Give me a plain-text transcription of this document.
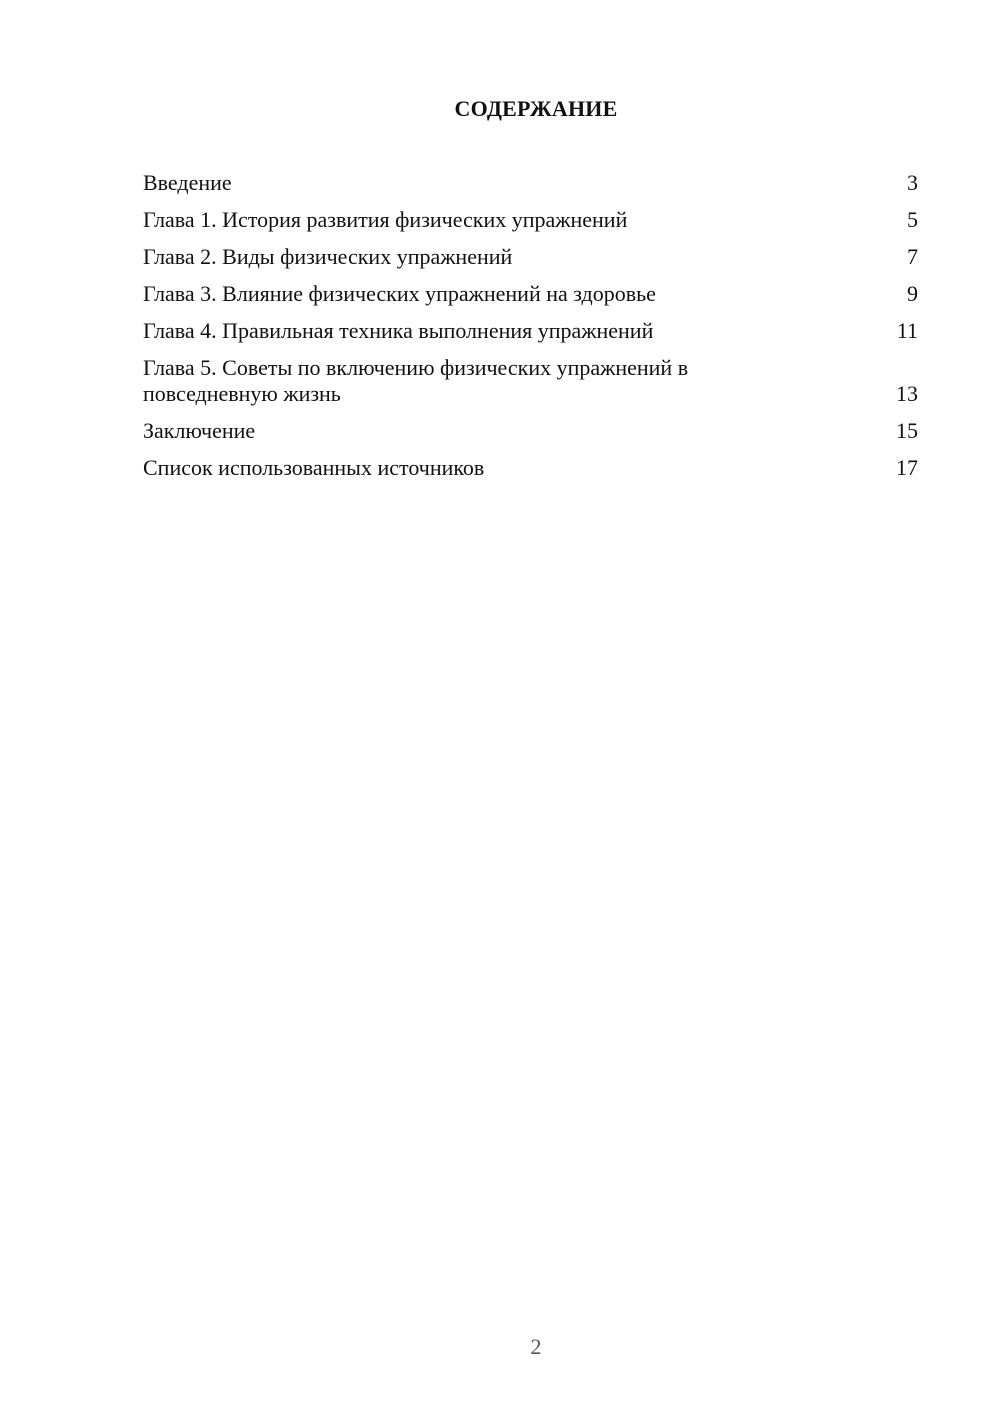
СОДЕРЖАНИЕ
Введение	3
Глава 1. История развития физических упражнений	5
Глава 2. Виды физических упражнений	7
Глава 3. Влияние физических упражнений на здоровье	9
Глава 4. Правильная техника выполнения упражнений	11
Глава 5. Советы по включению физических упражнений в повседневную жизнь	13
Заключение	15
Список использованных источников	17
2
